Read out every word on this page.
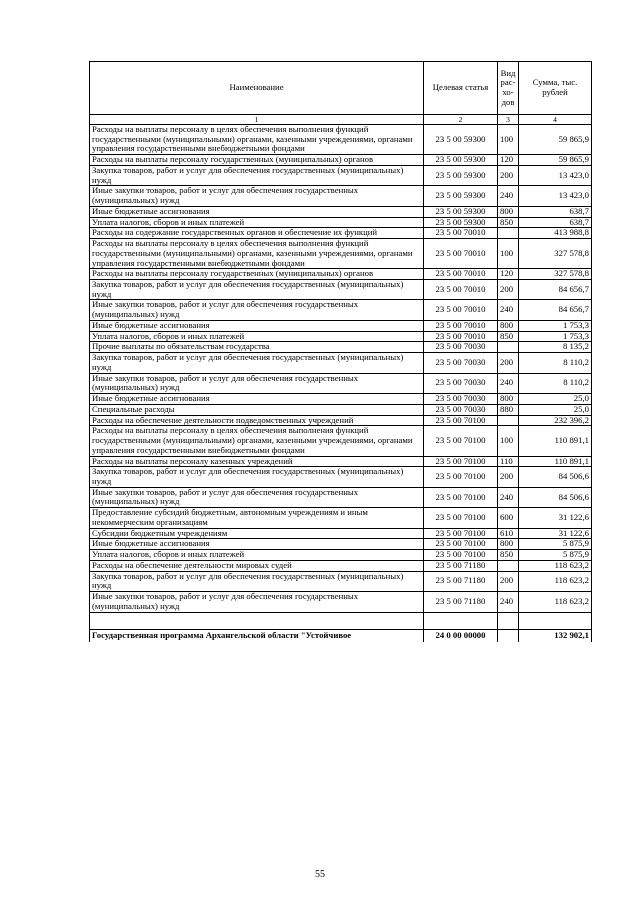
Наименование	Целевая статья	Вид рас-хо-дов	Сумма, тыс. рублей
1	2	3	4
Расходы на выплаты персоналу в целях обеспечения выполнения функций государственными (муниципальными) органами, казенными учреждениями, органами управления государственными внебюджетными фондами	23 5 00 59300	100	59 865,9
Расходы на выплаты персоналу государственных (муниципальных) органов	23 5 00 59300	120	59 865,9
Закупка товаров, работ и услуг для обеспечения государственных (муниципальных) нужд	23 5 00 59300	200	13 423,0
Иные закупки товаров, работ и услуг для обеспечения государственных (муниципальных) нужд	23 5 00 59300	240	13 423,0
Иные бюджетные ассигнования	23 5 00 59300	800	638,7
Уплата налогов, сборов и иных платежей	23 5 00 59300	850	638,7
Расходы на содержание государственных органов и обеспечение их функций	23 5 00 70010		413 988,8
Расходы на выплаты персоналу в целях обеспечения выполнения функций государственными (муниципальными) органами, казенными учреждениями, органами управления государственными внебюджетными фондами	23 5 00 70010	100	327 578,8
Расходы на выплаты персоналу государственных (муниципальных) органов	23 5 00 70010	120	327 578,8
Закупка товаров, работ и услуг для обеспечения государственных (муниципальных) нужд	23 5 00 70010	200	84 656,7
Иные закупки товаров, работ и услуг для обеспечения государственных (муниципальных) нужд	23 5 00 70010	240	84 656,7
Иные бюджетные ассигнования	23 5 00 70010	800	1 753,3
Уплата налогов, сборов и иных платежей	23 5 00 70010	850	1 753,3
Прочие выплаты по обязательствам государства	23 5 00 70030		8 135,2
Закупка товаров, работ и услуг для обеспечения государственных (муниципальных) нужд	23 5 00 70030	200	8 110,2
Иные закупки товаров, работ и услуг для обеспечения государственных (муниципальных) нужд	23 5 00 70030	240	8 110,2
Иные бюджетные ассигнования	23 5 00 70030	800	25,0
Специальные расходы	23 5 00 70030	880	25,0
Расходы на обеспечение деятельности подведомственных учреждений	23 5 00 70100		232 396,2
Расходы на выплаты персоналу в целях обеспечения выполнения функций государственными (муниципальными) органами, казенными учреждениями, органами управления государственными внебюджетными фондами	23 5 00 70100	100	110 891,1
Расходы на выплаты персоналу казенных учреждений	23 5 00 70100	110	110 891,1
Закупка товаров, работ и услуг для обеспечения государственных (муниципальных) нужд	23 5 00 70100	200	84 506,6
Иные закупки товаров, работ и услуг для обеспечения государственных (муниципальных) нужд	23 5 00 70100	240	84 506,6
Предоставление субсидий бюджетным, автономным учреждениям и иным некоммерческим организациям	23 5 00 70100	600	31 122,6
Субсидии бюджетным учреждениям	23 5 00 70100	610	31 122,6
Иные бюджетные ассигнования	23 5 00 70100	800	5 875,9
Уплата налогов, сборов и иных платежей	23 5 00 70100	850	5 875,9
Расходы на обеспечение деятельности мировых судей	23 5 00 71180		118 623,2
Закупка товаров, работ и услуг для обеспечения государственных (муниципальных) нужд	23 5 00 71180	200	118 623,2
Иные закупки товаров, работ и услуг для обеспечения государственных (муниципальных) нужд	23 5 00 71180	240	118 623,2

Государственная программа Архангельской области "Устойчивое	24 0 00 00000		132 902,1
55
